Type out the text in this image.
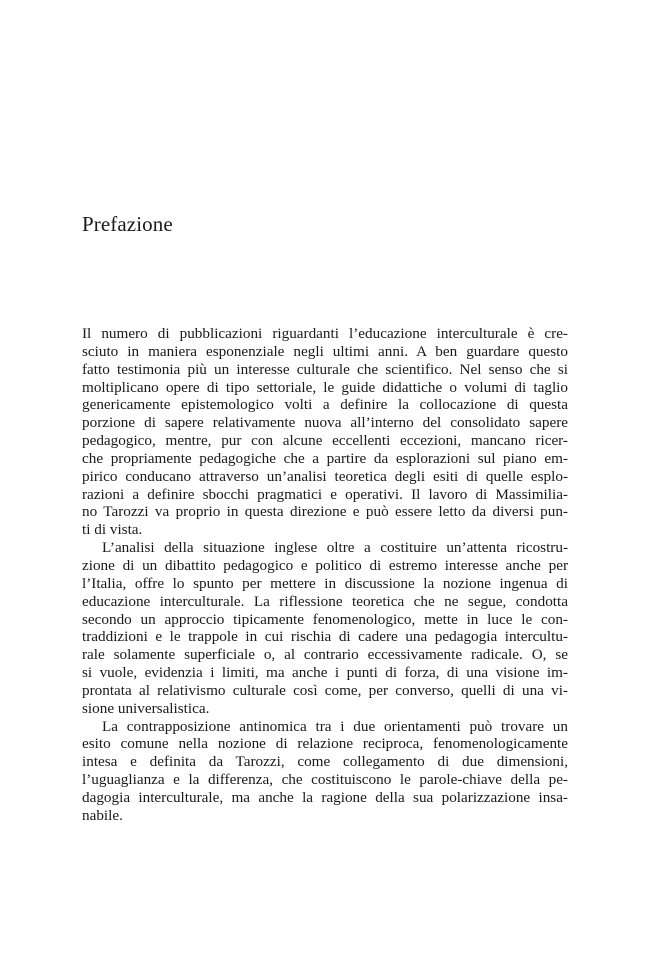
Prefazione
Il numero di pubblicazioni riguardanti l’educazione interculturale è cre-
sciuto in maniera esponenziale negli ultimi anni. A ben guardare questo
fatto testimonia più un interesse culturale che scientifico. Nel senso che si
moltiplicano opere di tipo settoriale, le guide didattiche o volumi di taglio
genericamente epistemologico volti a definire la collocazione di questa
porzione di sapere relativamente nuova all’interno del consolidato sapere
pedagogico, mentre, pur con alcune eccellenti eccezioni, mancano ricer-
che propriamente pedagogiche che a partire da esplorazioni sul piano em-
pirico conducano attraverso un’analisi teoretica degli esiti di quelle esplo-
razioni a definire sbocchi pragmatici e operativi. Il lavoro di Massimilia-
no Tarozzi va proprio in questa direzione e può essere letto da diversi pun-
ti di vista.
L’analisi della situazione inglese oltre a costituire un’attenta ricostru-
zione di un dibattito pedagogico e politico di estremo interesse anche per
l’Italia, offre lo spunto per mettere in discussione la nozione ingenua di
educazione interculturale. La riflessione teoretica che ne segue, condotta
secondo un approccio tipicamente fenomenologico, mette in luce le con-
traddizioni e le trappole in cui rischia di cadere una pedagogia intercultu-
rale solamente superficiale o, al contrario eccessivamente radicale. O, se
si vuole, evidenzia i limiti, ma anche i punti di forza, di una visione im-
prontata al relativismo culturale così come, per converso, quelli di una vi-
sione universalistica.
La contrapposizione antinomica tra i due orientamenti può trovare un
esito comune nella nozione di relazione reciproca, fenomenologicamente
intesa e definita da Tarozzi, come collegamento di due dimensioni,
l’uguaglianza e la differenza, che costituiscono le parole-chiave della pe-
dagogia interculturale, ma anche la ragione della sua polarizzazione insa-
nabile.
